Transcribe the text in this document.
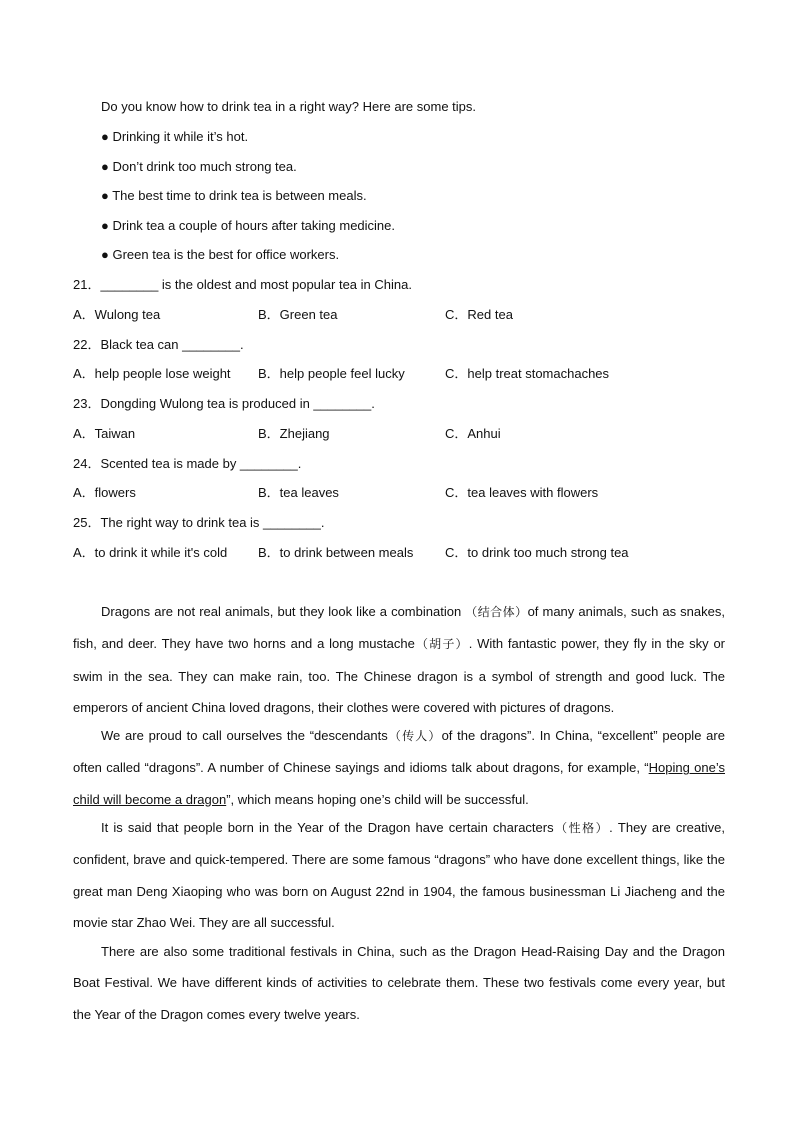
Do you know how to drink tea in a right way? Here are some tips.
● Drinking it while it’s hot.
● Don’t drink too much strong tea.
● The best time to drink tea is between meals.
● Drink tea a couple of hours after taking medicine.
● Green tea is the best for office workers.
21．________ is the oldest and most popular tea in China.
A．Wulong tea	B．Green tea	C．Red tea
22．Black tea can ________.
A．help people lose weight B．help people feel lucky	C．help treat stomachaches
23．Dongding Wulong tea is produced in ________.
A．Taiwan	B．Zhejiang	C．Anhui
24．Scented tea is made by ________.
A．flowers	B．tea leaves	C．tea leaves with flowers
25．The right way to drink tea is ________.
A．to drink it while it's cold B．to drink between meals C．to drink too much strong tea
Dragons are not real animals, but they look like a combination （结合体）of many animals, such as snakes, fish, and deer. They have two horns and a long mustache（胡子）. With fantastic power, they fly in the sky or swim in the sea. They can make rain, too. The Chinese dragon is a symbol of strength and good luck. The emperors of ancient China loved dragons, their clothes were covered with pictures of dragons.
We are proud to call ourselves the “descendants（传人）of the dragons”. In China, “excellent” people are often called “dragons”. A number of Chinese sayings and idioms talk about dragons, for example, “Hoping one’s child will become a dragon”, which means hoping one’s child will be successful.
It is said that people born in the Year of the Dragon have certain characters（性格）. They are creative, confident, brave and quick-tempered. There are some famous “dragons” who have done excellent things, like the great man Deng Xiaoping who was born on August 22nd in 1904, the famous businessman Li Jiacheng and the movie star Zhao Wei. They are all successful.
There are also some traditional festivals in China, such as the Dragon Head-Raising Day and the Dragon Boat Festival. We have different kinds of activities to celebrate them. These two festivals come every year, but the Year of the Dragon comes every twelve years.
